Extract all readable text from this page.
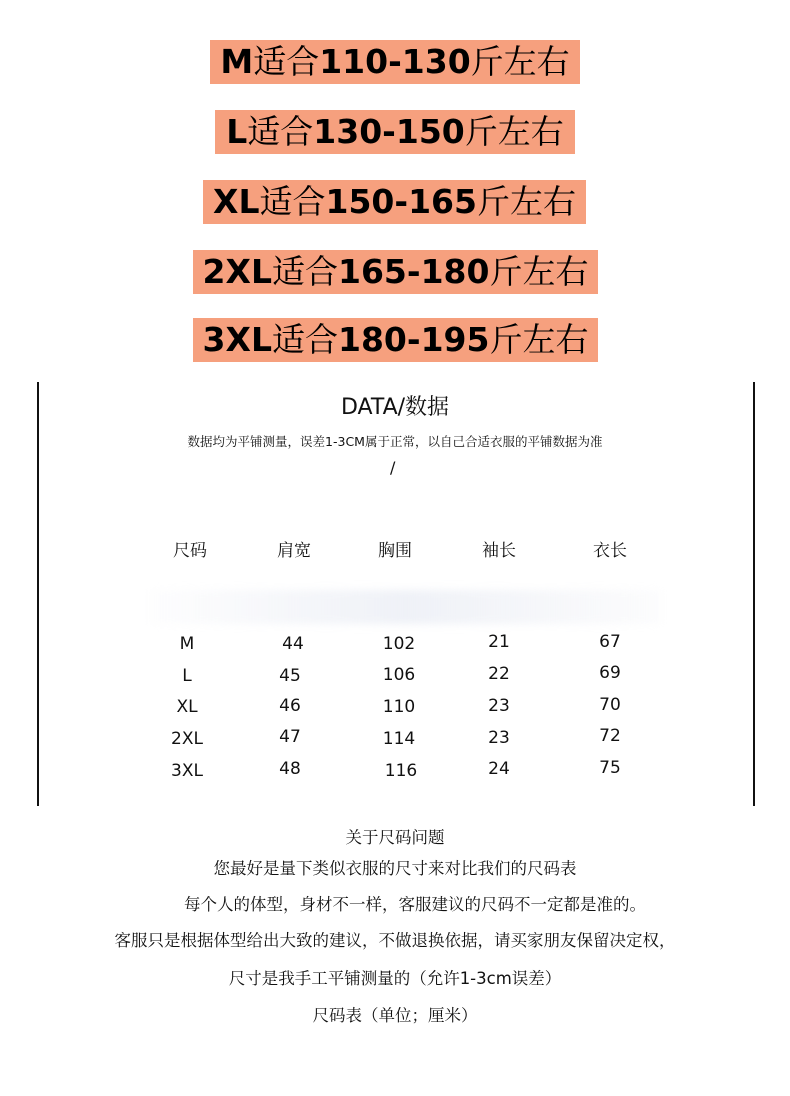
M适合110-130斤左右
L适合130-150斤左右
XL适合150-165斤左右
2XL适合165-180斤左右
3XL适合180-195斤左右
DATA/数据
数据均为平铺测量，误差1-3CM属于正常，以自己合适衣服的平铺数据为准
/
尺码	肩宽	胸围	袖长	衣长
M	44	102	21	67
L	45	106	22	69
XL	46	110	23	70
2XL	47	114	23	72
3XL	48	116	24	75
关于尺码问题
您最好是量下类似衣服的尺寸来对比我们的尺码表
每个人的体型，身材不一样，客服建议的尺码不一定都是准的。
客服只是根据体型给出大致的建议，不做退换依据，请买家朋友保留决定权，
尺寸是我手工平铺测量的（允许1-3cm误差）
尺码表（单位；厘米）
